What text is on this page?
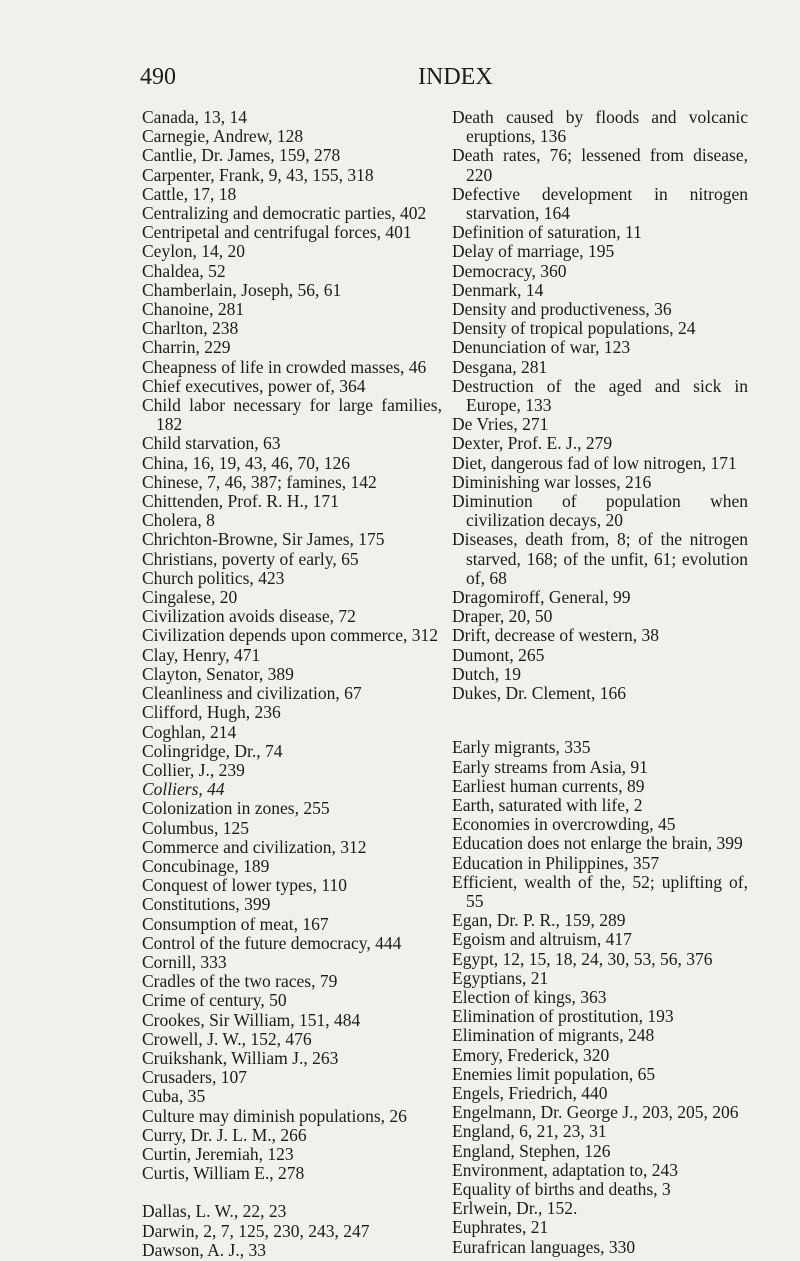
490	INDEX
Canada, 13, 14
Carnegie, Andrew, 128
Cantlie, Dr. James, 159, 278
Carpenter, Frank, 9, 43, 155, 318
Cattle, 17, 18
Centralizing and democratic parties, 402
Centripetal and centrifugal forces, 401
Ceylon, 14, 20
Chaldea, 52
Chamberlain, Joseph, 56, 61
Chanoine, 281
Charlton, 238
Charrin, 229
Cheapness of life in crowded masses, 46
Chief executives, power of, 364
Child labor necessary for large families, 182
Child starvation, 63
China, 16, 19, 43, 46, 70, 126
Chinese, 7, 46, 387; famines, 142
Chittenden, Prof. R. H., 171
Cholera, 8
Chrichton-Browne, Sir James, 175
Christians, poverty of early, 65
Church politics, 423
Cingalese, 20
Civilization avoids disease, 72
Civilization depends upon commerce, 312
Clay, Henry, 471
Clayton, Senator, 389
Cleanliness and civilization, 67
Clifford, Hugh, 236
Coghlan, 214
Colingridge, Dr., 74
Collier, J., 239
Colliers, 44
Colonization in zones, 255
Columbus, 125
Commerce and civilization, 312
Concubinage, 189
Conquest of lower types, 110
Constitutions, 399
Consumption of meat, 167
Control of the future democracy, 444
Cornill, 333
Cradles of the two races, 79
Crime of century, 50
Crookes, Sir William, 151, 484
Crowell, J. W., 152, 476
Cruikshank, William J., 263
Crusaders, 107
Cuba, 35
Culture may diminish populations, 26
Curry, Dr. J. L. M., 266
Curtin, Jeremiah, 123
Curtis, William E., 278
Dallas, L. W., 22, 23
Darwin, 2, 7, 125, 230, 243, 247
Dawson, A. J., 33
Death caused by floods and volcanic eruptions, 136
Death rates, 76; lessened from disease, 220
Defective development in nitrogen starvation, 164
Definition of saturation, 11
Delay of marriage, 195
Democracy, 360
Denmark, 14
Density and productiveness, 36
Density of tropical populations, 24
Denunciation of war, 123
Desgana, 281
Destruction of the aged and sick in Europe, 133
De Vries, 271
Dexter, Prof. E. J., 279
Diet, dangerous fad of low nitrogen, 171
Diminishing war losses, 216
Diminution of population when civilization decays, 20
Diseases, death from, 8; of the nitrogen starved, 168; of the unfit, 61; evolution of, 68
Dragomiroff, General, 99
Draper, 20, 50
Drift, decrease of western, 38
Dumont, 265
Dutch, 19
Dukes, Dr. Clement, 166
Early migrants, 335
Early streams from Asia, 91
Earliest human currents, 89
Earth, saturated with life, 2
Economies in overcrowding, 45
Education does not enlarge the brain, 399
Education in Philippines, 357
Efficient, wealth of the, 52; uplifting of, 55
Egan, Dr. P. R., 159, 289
Egoism and altruism, 417
Egypt, 12, 15, 18, 24, 30, 53, 56, 376
Egyptians, 21
Election of kings, 363
Elimination of prostitution, 193
Elimination of migrants, 248
Emory, Frederick, 320
Enemies limit population, 65
Engels, Friedrich, 440
Engelmann, Dr. George J., 203, 205, 206
England, 6, 21, 23, 31
England, Stephen, 126
Environment, adaptation to, 243
Equality of births and deaths, 3
Erlwein, Dr., 152.
Euphrates, 21
Eurafrican languages, 330
